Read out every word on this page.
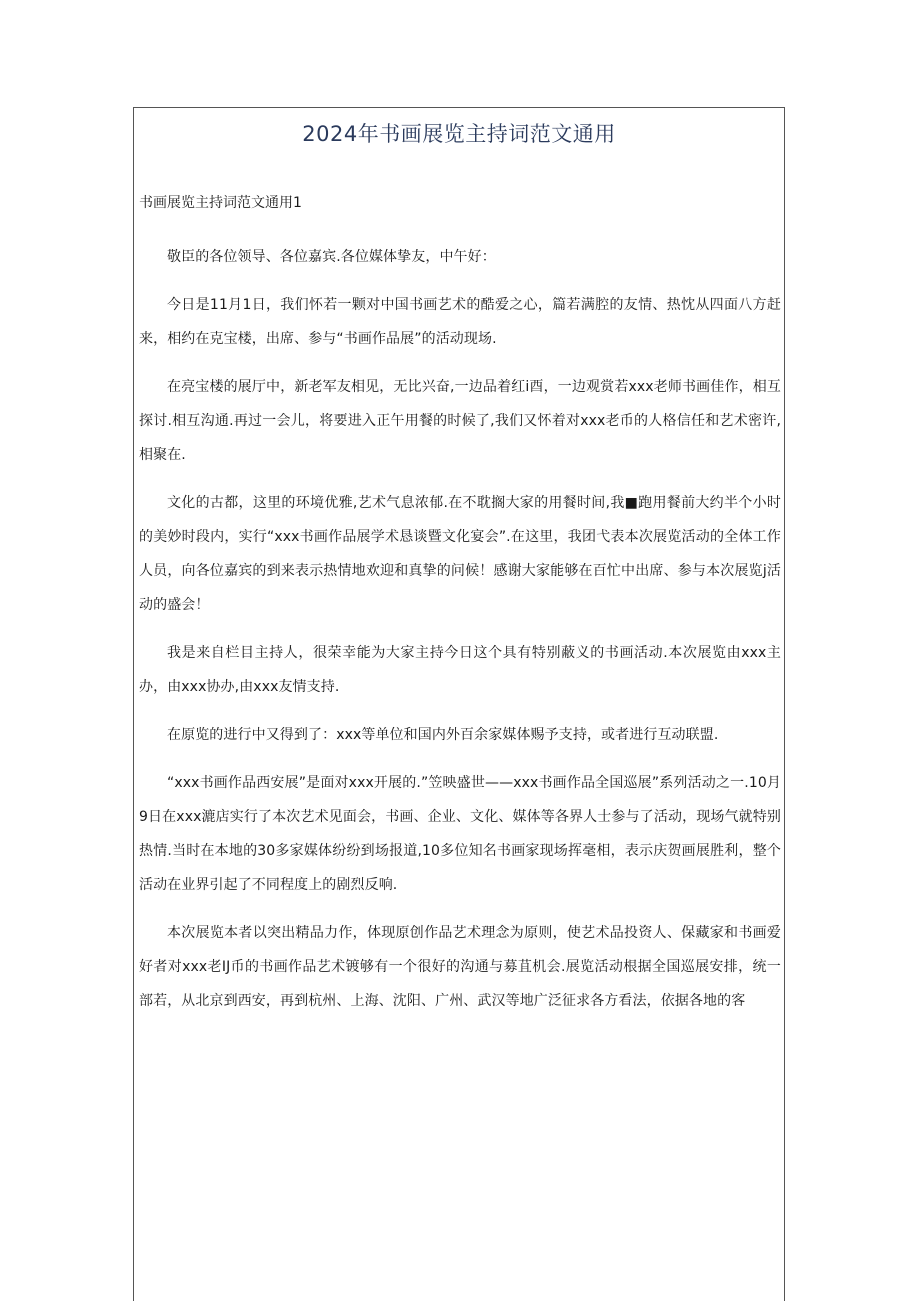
2024年书画展览主持词范文通用

书画展览主持词范文通用1

敬臣的各位领导、各位嘉宾.各位媒体挚友，中午好：

今日是11月1日，我们怀若一颗对中国书画艺术的酷爱之心，篇若满腔的友情、热忱从四面八方赶来，相约在克宝楼，出席、参与“书画作品展”的活动现场.

在亮宝楼的展厅中，新老军友相见，无比兴奋,一边品着红i酉，一边观赏若xxx老师书画佳作，相互探讨.相互沟通.再过一会儿，将要进入正午用餐的时候了,我们又怀着对xxx老币的人格信任和艺术密许,相聚在.

文化的古都，这里的环境优雅,艺术气息浓郁.在不耽搁大家的用餐时间,我■跑用餐前大约半个小时的美妙时段内，实行“xxx书画作品展学术恳谈暨文化宴会”.在这里，我团弋表本次展览活动的全体工作人员，向各位嘉宾的到来表示热情地欢迎和真挚的问候！感谢大家能够在百忙中出席、参与本次展览j活动的盛会！

我是来自栏目主持人，很荣幸能为大家主持今日这个具有特别蔽义的书画活动.本次展览由xxx主办，由xxx协办,由xxx友情支持.

在原览的进行中又得到了：xxx等单位和国内外百余家媒体赐予支持，或者进行互动联盟.

“xxx书画作品西安展”是面对xxx开展的.”笠映盛世——xxx书画作品全国巡展”系列活动之一.10月9日在xxx漉店实行了本次艺术见面会，书画、企业、文化、媒体等各界人士参与了活动，现场气就特别热情.当时在本地的30多家媒体纷纷到场报道,10多位知名书画家现场挥毫相，表示庆贺画展胜利，整个活动在业界引起了不同程度上的剧烈反响.

本次展览本者以突出精品力作，体现原创作品艺术理念为原则，使艺术品投资人、保藏家和书画爱好者对xxx老IJ币的书画作品艺术镀够有一个很好的沟通与募苴机会.展览活动根据全国巡展安排，统一部若，从北京到西安，再到杭州、上海、沈阳、广州、武汉等地广泛征求各方看法，依据各地的客
